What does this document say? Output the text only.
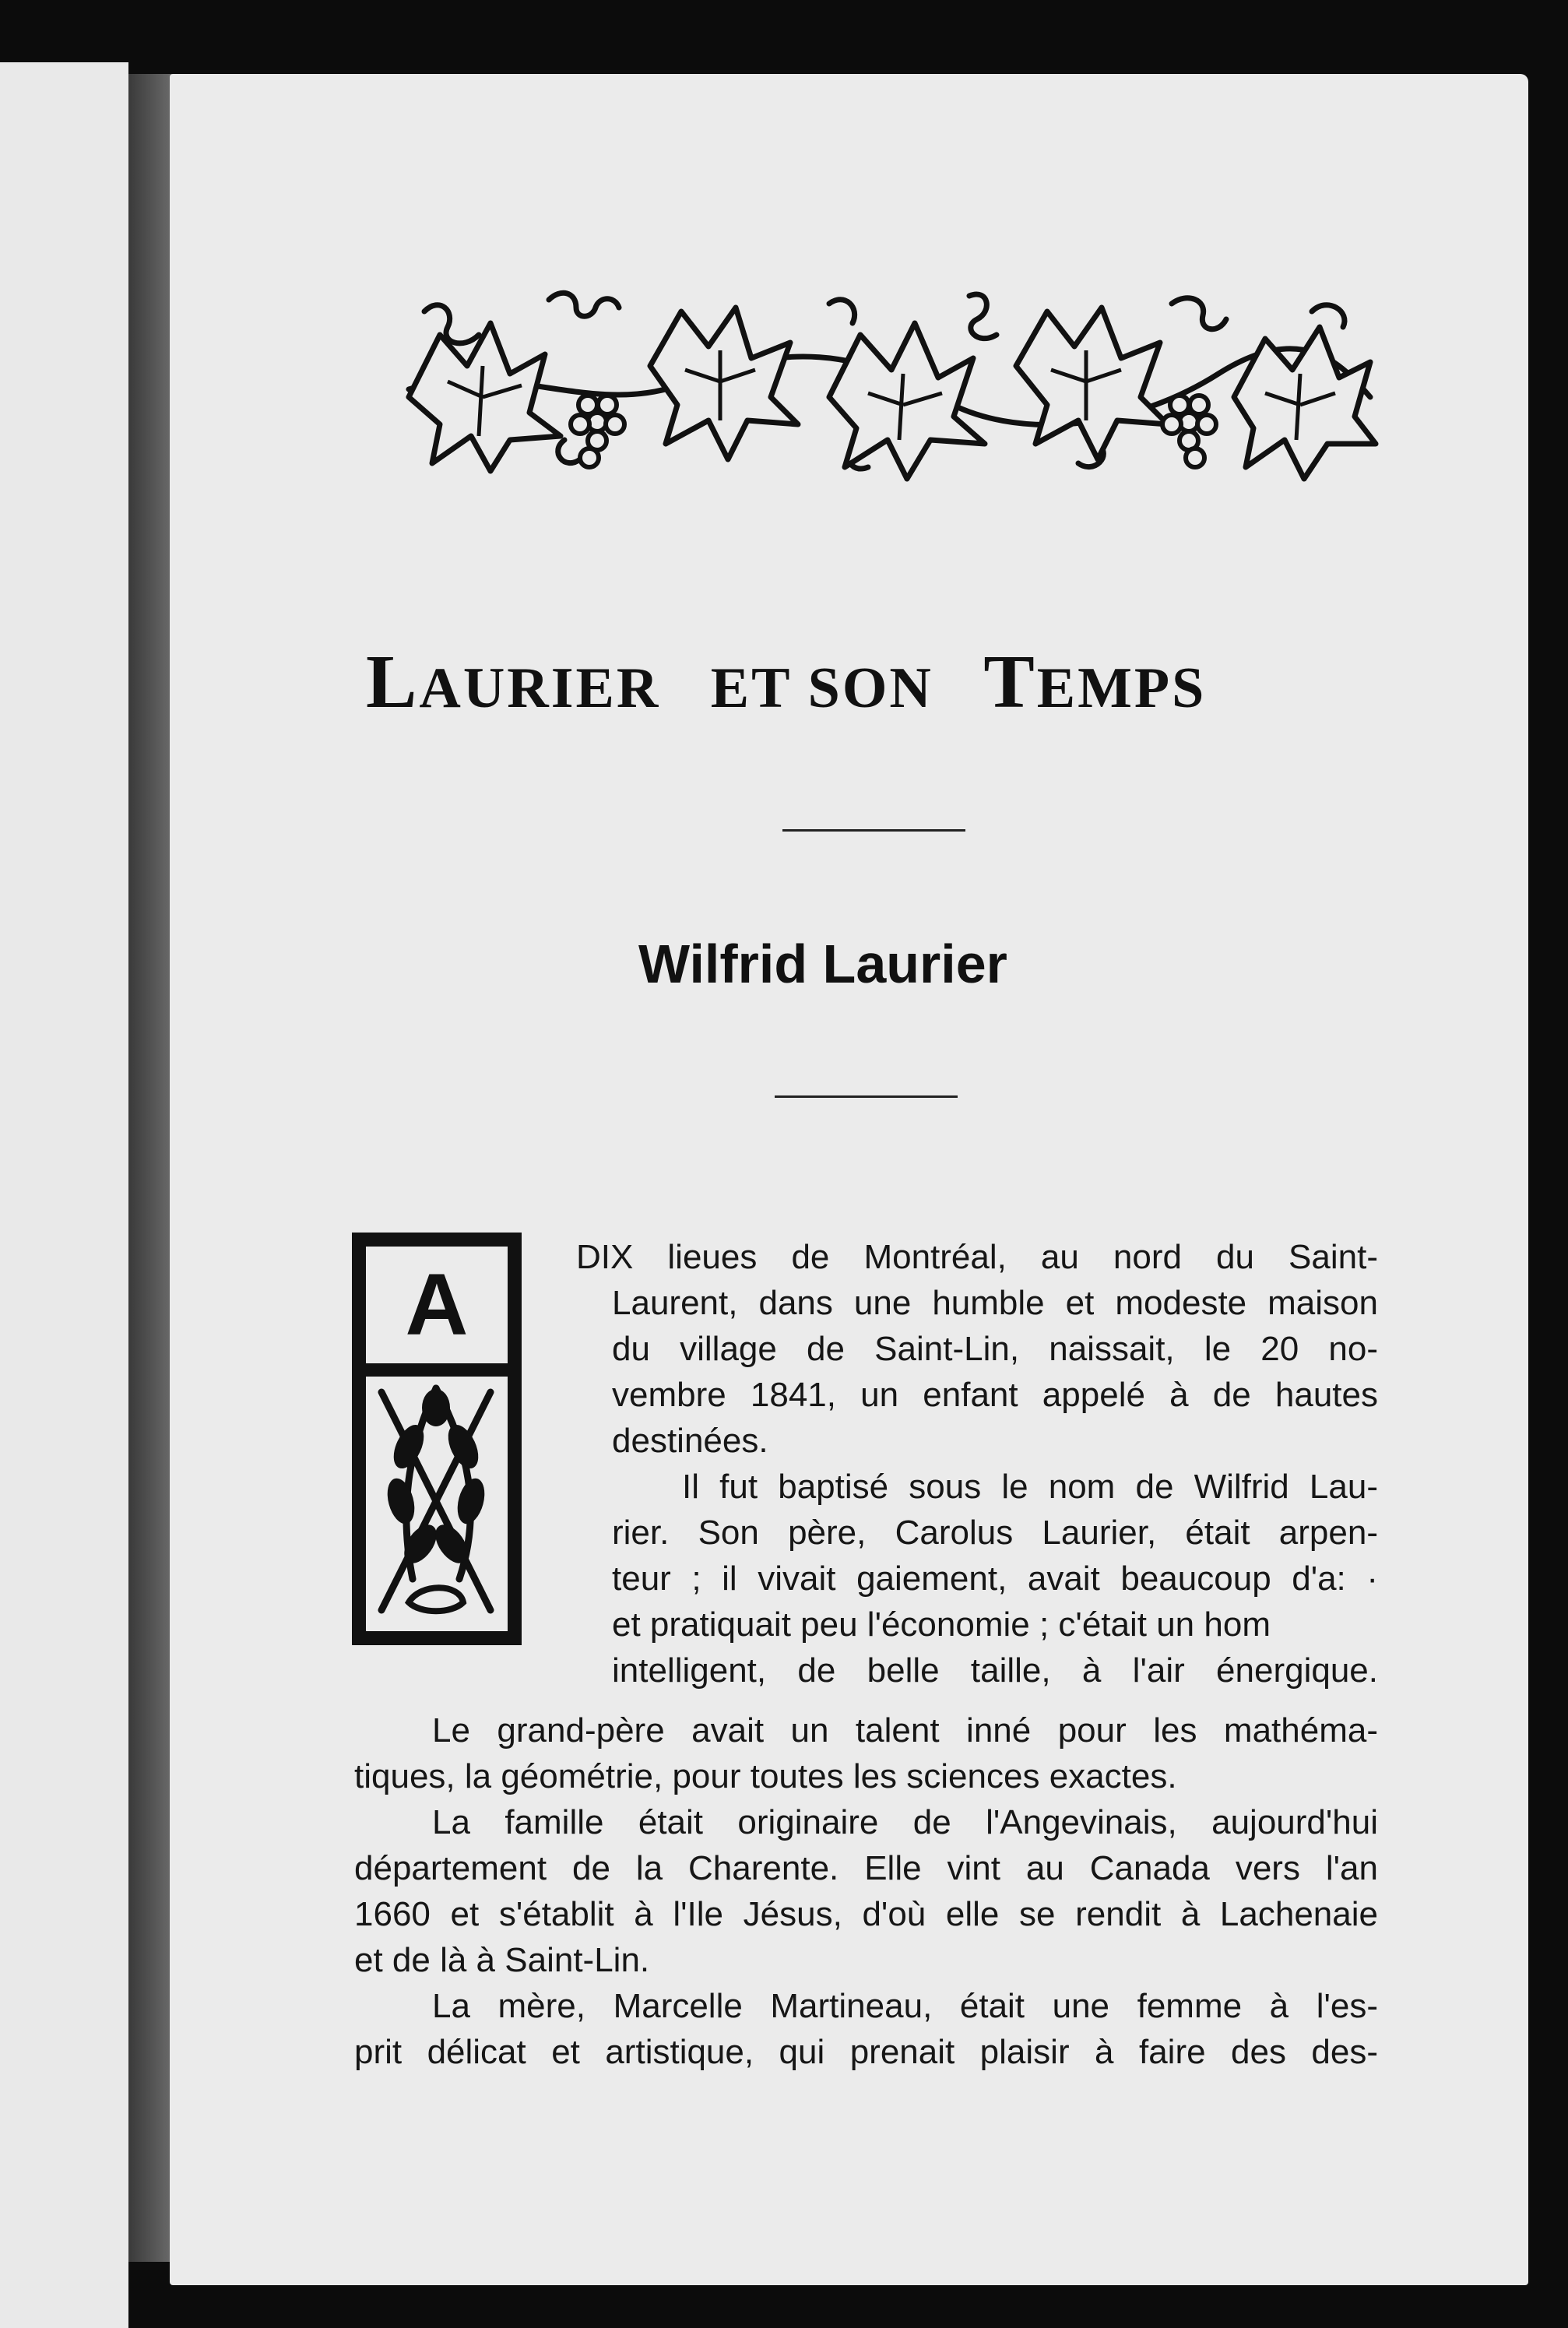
LAURIER ET SON TEMPS
Wilfrid Laurier
A	DIX lieues de Montréal, au nord du Saint-
Laurent, dans une humble et modeste maison
du village de Saint-Lin, naissait, le 20 no-
vembre 1841, un enfant appelé à de hautes
destinées.
Il fut baptisé sous le nom de Wilfrid Lau-
rier. Son père, Carolus Laurier, était arpen-
teur ; il vivait gaiement, avait beaucoup d'a: ·
et pratiquait peu l'économie ; c'était un hom
intelligent, de belle taille, à l'air énergique.
Le grand-père avait un talent inné pour les mathéma-
tiques, la géométrie, pour toutes les sciences exactes.
La famille était originaire de l'Angevinais, aujourd'hui
département de la Charente. Elle vint au Canada vers l'an
1660 et s'établit à l'Ile Jésus, d'où elle se rendit à Lachenaie
et de là à Saint-Lin.
La mère, Marcelle Martineau, était une femme à l'es-
prit délicat et artistique, qui prenait plaisir à faire des des-
